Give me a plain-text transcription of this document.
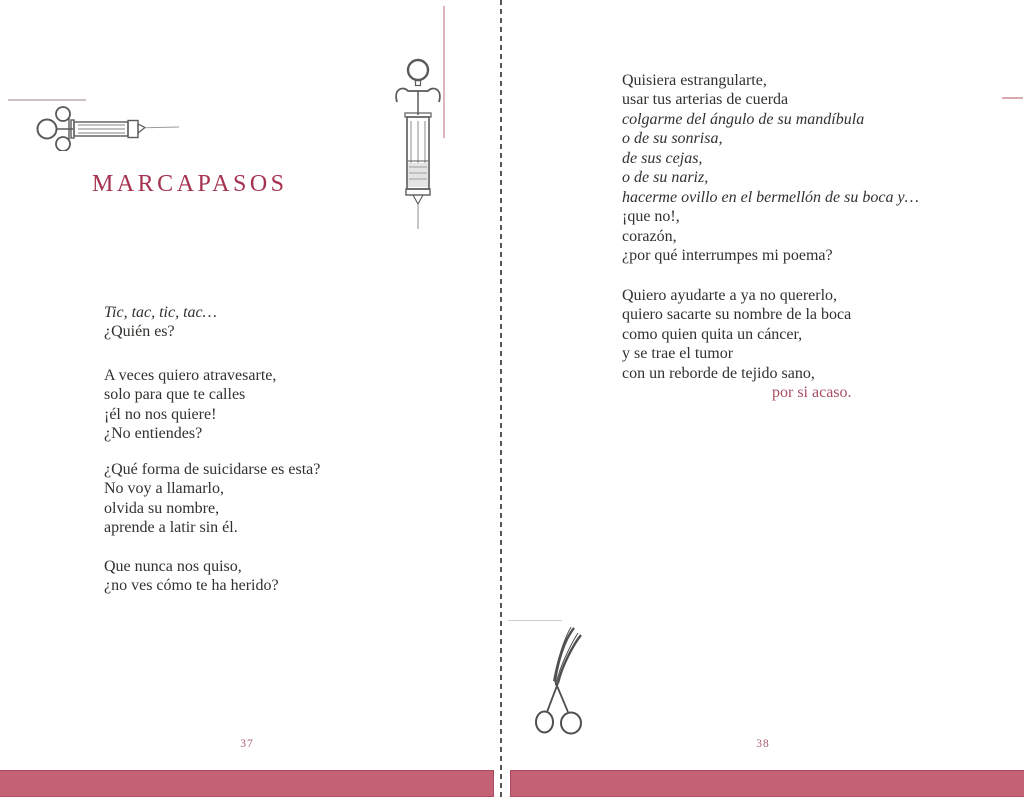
MARCAPASOS
Tic, tac, tic, tac…
¿Quién es?
A veces quiero atravesarte,
solo para que te calles
¡él no nos quiere!
¿No entiendes?
¿Qué forma de suicidarse es esta?
No voy a llamarlo,
olvida su nombre,
aprende a latir sin él.
Que nunca nos quiso,
¿no ves cómo te ha herido?
37
Quisiera estrangularte,
usar tus arterias de cuerda
colgarme del ángulo de su mandíbula
o de su sonrisa,
de sus cejas,
o de su nariz,
hacerme ovillo en el bermellón de su boca y…
¡que no!,
corazón,
¿por qué interrumpes mi poema?
Quiero ayudarte a ya no quererlo,
quiero sacarte su nombre de la boca
como quien quita un cáncer,
y se trae el tumor
con un reborde de tejido sano,
por si acaso.
38
